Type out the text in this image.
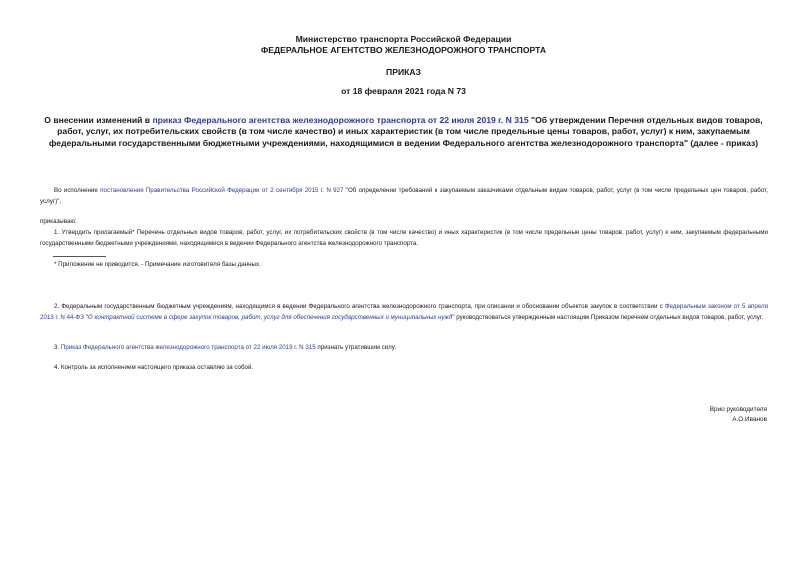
Министерство транспорта Российской Федерации
ФЕДЕРАЛЬНОЕ АГЕНТСТВО ЖЕЛЕЗНОДОРОЖНОГО ТРАНСПОРТА
ПРИКАЗ
от 18 февраля 2021 года N 73
О внесении изменений в приказ Федерального агентства железнодорожного транспорта от 22 июля 2019 г. N 315 "Об утверждении Перечня отдельных видов товаров, работ, услуг, их потребительских свойств (в том числе качество) и иных характеристик (в том числе предельные цены товаров, работ, услуг) к ним, закупаемым федеральными государственными бюджетными учреждениями, находящимися в ведении Федерального агентства железнодорожного транспорта" (далее - приказ)
Во исполнение постановления Правительства Российской Федерации от 2 сентября 2015 г. N 927 "Об определении требований к закупаемым заказчиками отдельным видам товаров, работ, услуг (в том числе предельных цен товаров, работ, услуг)",
приказываю:
1. Утвердить прилагаемый* Перечень отдельных видов товаров, работ, услуг, их потребительских свойств (в том числе качество) и иных характеристик (в том числе предельные цены товаров, работ, услуг) к ним, закупаемым федеральными государственными бюджетными учреждениями, находящимися в ведении Федерального агентства железнодорожного транспорта.
* Приложение не приводится. - Примечание изготовителя базы данных.
2. Федеральным государственным бюджетным учреждениям, находящимся в ведении Федерального агентства железнодорожного транспорта, при описании и обосновании объектов закупок в соответствии с Федеральным законом от 5 апреля 2013 г. N 44-ФЗ "О контрактной системе в сфере закупок товаров, работ, услуг для обеспечения государственных и муниципальных нужд" руководствоваться утвержденным настоящим Приказом перечнем отдельных видов товаров, работ, услуг.
3. Приказ Федерального агентства железнодорожного транспорта от 22 июля 2019 г. N 315 признать утратившим силу.
4. Контроль за исполнением настоящего приказа оставляю за собой.
Врио руководителя
А.О.Иванов
